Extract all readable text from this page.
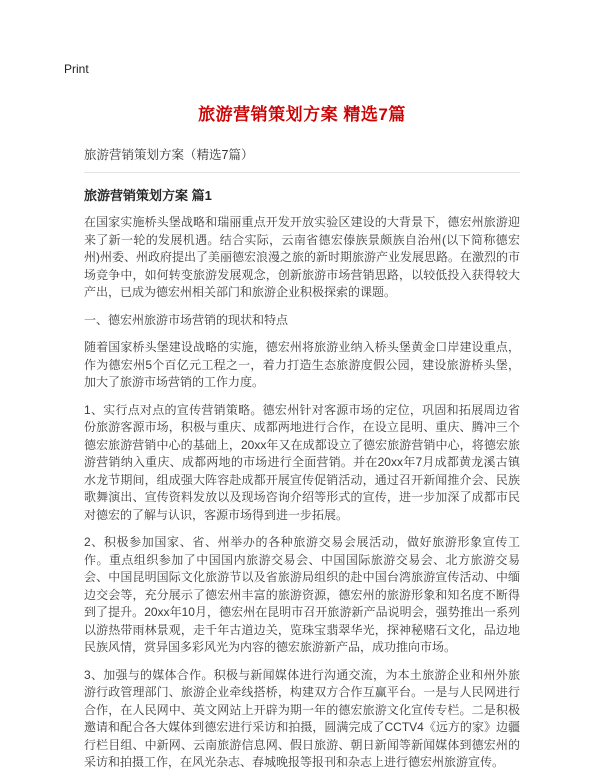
Print
旅游营销策划方案 精选7篇
旅游营销策划方案（精选7篇）
旅游营销策划方案 篇1

在国家实施桥头堡战略和瑞丽重点开发开放实验区建设的大背景下，德宏州旅游迎来了新一轮的发展机遇。结合实际，云南省德宏傣族景颇族自治州(以下简称德宏州)州委、州政府提出了美丽德宏浪漫之旅的新时期旅游产业发展思路。在激烈的市场竞争中，如何转变旅游发展观念，创新旅游市场营销思路，以较低投入获得较大产出，已成为德宏州相关部门和旅游企业积极探索的课题。

一、德宏州旅游市场营销的现状和特点

随着国家桥头堡建设战略的实施，德宏州将旅游业纳入桥头堡黄金口岸建设重点，作为德宏州5个百亿元工程之一，着力打造生态旅游度假公园，建设旅游桥头堡，加大了旅游市场营销的工作力度。

1、实行点对点的宣传营销策略。德宏州针对客源市场的定位，巩固和拓展周边省份旅游客源市场，积极与重庆、成都两地进行合作，在设立昆明、重庆、腾冲三个德宏旅游营销中心的基础上，20xx年又在成都设立了德宏旅游营销中心，将德宏旅游营销纳入重庆、成都两地的市场进行全面营销。并在20xx年7月成都黄龙溪古镇水龙节期间，组成强大阵容赴成都开展宣传促销活动，通过召开新闻推介会、民族歌舞演出、宣传资料发放以及现场咨询介绍等形式的宣传，进一步加深了成都市民对德宏的了解与认识，客源市场得到进一步拓展。

2、积极参加国家、省、州举办的各种旅游交易会展活动，做好旅游形象宣传工作。重点组织参加了中国国内旅游交易会、中国国际旅游交易会、北方旅游交易会、中国昆明国际文化旅游节以及省旅游局组织的赴中国台湾旅游宣传活动、中缅边交会等，充分展示了德宏州丰富的旅游资源，德宏州的旅游形象和知名度不断得到了提升。20xx年10月，德宏州在昆明市召开旅游新产品说明会，强势推出一系列以游热带雨林景观，走千年古道边关，览珠宝翡翠华光，探神秘赌石文化，品边地民族风情，赏异国多彩风光为内容的德宏旅游新产品，成功推向市场。

3、加强与的媒体合作。积极与新闻媒体进行沟通交流，为本土旅游企业和州外旅游行政管理部门、旅游企业牵线搭桥，构建双方合作互赢平台。一是与人民网进行合作，在人民网中、英文网站上开辟为期一年的德宏旅游文化宣传专栏。二是积极邀请和配合各大媒体到德宏进行采访和拍摄，圆满完成了CCTV4《远方的家》边疆行栏目组、中新网、云南旅游信息网、假日旅游、朝日新闻等新闻媒体到德宏州的采访和拍摄工作，在风光杂志、春城晚报等报刊和杂志上进行德宏州旅游宣传。
